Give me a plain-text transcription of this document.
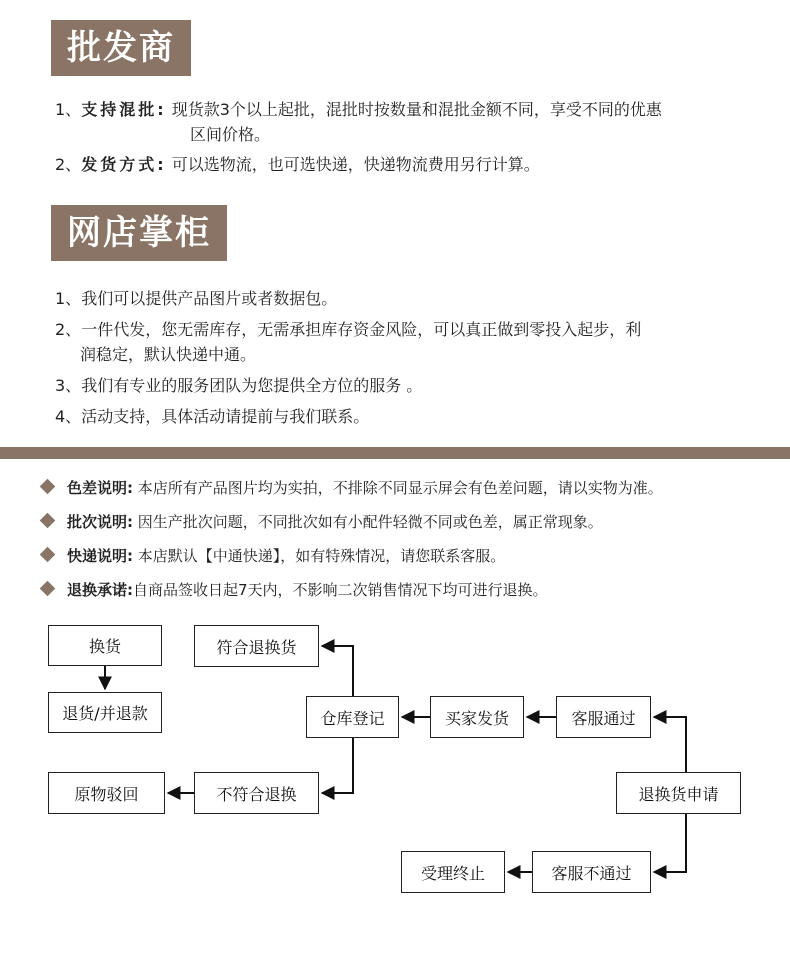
批发商
1、支持混批: 现货款3个以上起批，混批时按数量和混批金额不同，享受不同的优惠
区间价格。
2、发货方式: 可以选物流，也可选快递，快递物流费用另行计算。
网店掌柜
1、我们可以提供产品图片或者数据包。
2、一件代发，您无需库存，无需承担库存资金风险，可以真正做到零投入起步，利
润稳定，默认快递中通。
3、我们有专业的服务团队为您提供全方位的服务 。
4、活动支持，具体活动请提前与我们联系。
色差说明: 本店所有产品图片均为实拍，不排除不同显示屏会有色差问题，请以实物为准。
批次说明: 因生产批次问题，不同批次如有小配件轻微不同或色差，属正常现象。
快递说明: 本店默认【中通快递】，如有特殊情况，请您联系客服。
退换承诺:自商品签收日起7天内，不影响二次销售情况下均可进行退换。
换货
退货/并退款
符合退换货
仓库登记	买家发货	客服通过
原物驳回	不符合退换	退换货申请
受理终止	客服不通过
